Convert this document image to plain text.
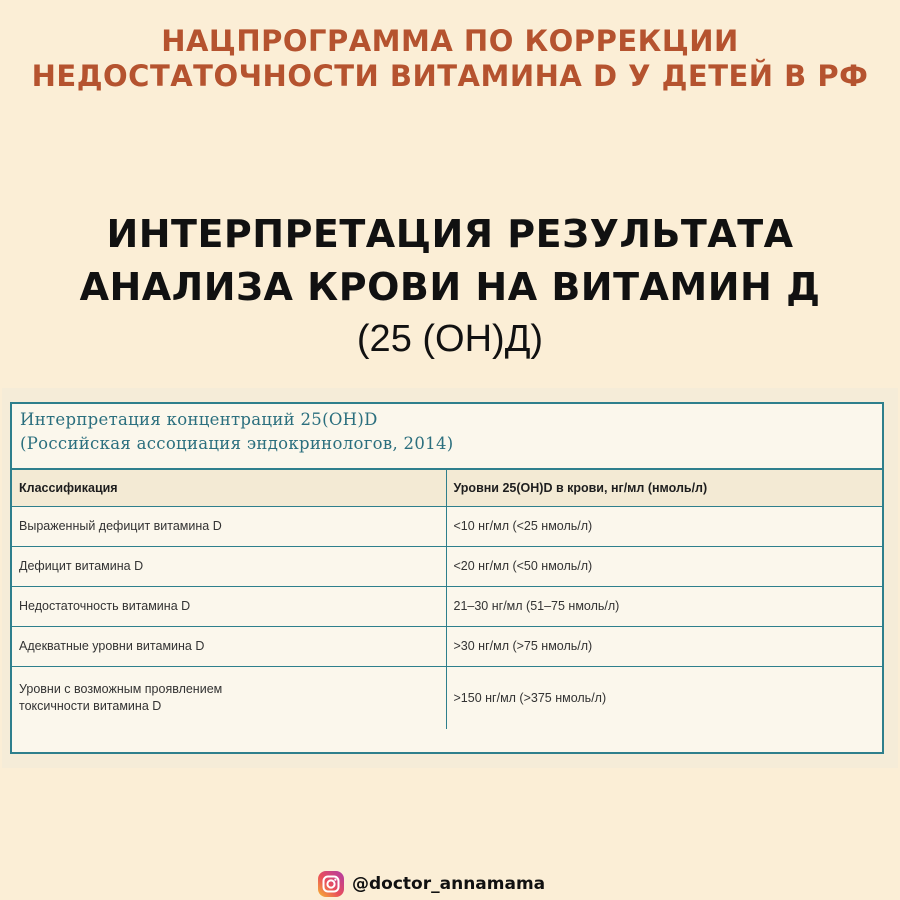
НАЦПРОГРАММА ПО КОРРЕКЦИИ
НЕДОСТАТОЧНОСТИ ВИТАМИНА D У ДЕТЕЙ В РФ
ИНТЕРПРЕТАЦИЯ РЕЗУЛЬТАТА
АНАЛИЗА КРОВИ НА ВИТАМИН Д
(25 (ОН)Д)
Интерпретация концентраций 25(OH)D
(Российская ассоциация эндокринологов, 2014)
Классификация	Уровни 25(ОН)D в крови, нг/мл (нмоль/л)
Выраженный дефицит витамина D	<10 нг/мл (<25 нмоль/л)
Дефицит витамина D	<20 нг/мл (<50 нмоль/л)
Недостаточность витамина D	21–30 нг/мл (51–75 нмоль/л)
Адекватные уровни витамина D	>30 нг/мл (>75 нмоль/л)

Уровни с возможным проявлением
токсичности витамина D	>150 нг/мл (>375 нмоль/л)
@doctor_annamama
